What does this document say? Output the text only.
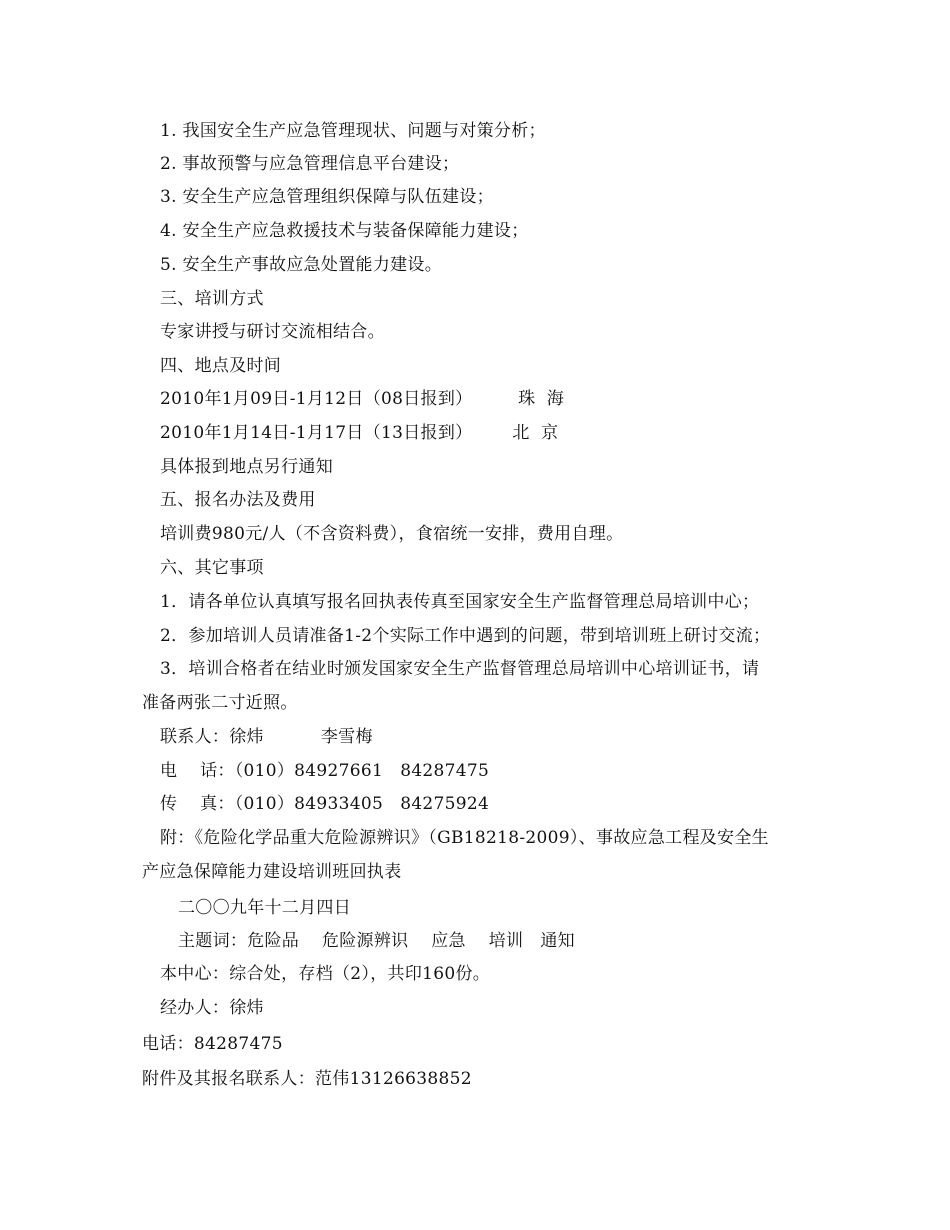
1. 我国安全生产应急管理现状、问题与对策分析；
2. 事故预警与应急管理信息平台建设；
3. 安全生产应急管理组织保障与队伍建设；
4. 安全生产应急救援技术与装备保障能力建设；
5. 安全生产事故应急处置能力建设。
三、培训方式
专家讲授与研讨交流相结合。
四、地点及时间
2010年1月09日-1月12日（08日报到）        珠  海
2010年1月14日-1月17日（13日报到）       北  京
具体报到地点另行通知
五、报名办法及费用
培训费980元/人（不含资料费），食宿统一安排，费用自理。
六、其它事项
1．请各单位认真填写报名回执表传真至国家安全生产监督管理总局培训中心；
2．参加培训人员请准备1-2个实际工作中遇到的问题，带到培训班上研讨交流；
3．培训合格者在结业时颁发国家安全生产监督管理总局培训中心培训证书，请
准备两张二寸近照。
联系人：徐炜          李雪梅
电    话：（010）84927661   84287475
传    真：（010）84933405   84275924
附：《危险化学品重大危险源辨识》（GB18218-2009）、事故应急工程及安全生
产应急保障能力建设培训班回执表
二〇〇九年十二月四日
主题词：危险品    危险源辨识    应急    培训   通知
本中心：综合处，存档（2），共印160份。
经办人：徐炜
电话：84287475
附件及其报名联系人：范伟13126638852
